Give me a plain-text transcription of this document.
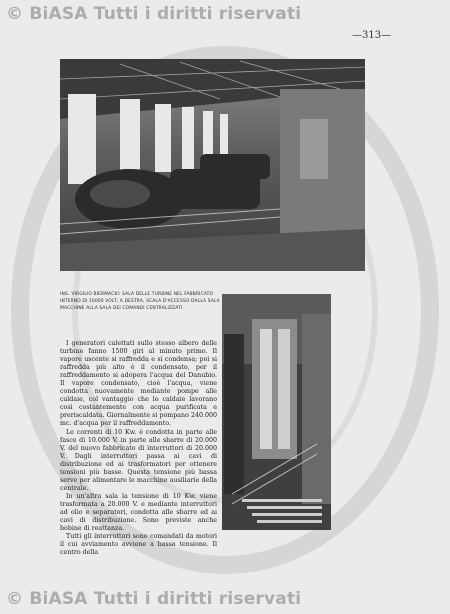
© BiASA Tutti i diritti riservati
© BiASA Tutti i diritti riservati
—313—
ING. VIRGILIO BIERMACKI: SALA DELLE TURBINE NEL FABBRICATO INTERNO DI 10000 VOLT; A DESTRA, SCALA D'ACCESSO DALLA SALA MACCHINE ALLA SALA DEI COMANDI CENTRALIZZATI

I generatori calettati sullo stesso albero delle turbine fanno 1500 giri al minuto primo. Il vapore uscente si raffredda e si condensa; poi si raffredda più alto è il condensato, per il raffreddamento si adopera l'acqua del Danubio. Il vapore condensato, cioè l'acqua, viene condotta nuovamente mediante pompe alle caldaie, col vantaggio che le caldaie lavorano così costantemente con acqua purificata e preriscaldata. Giornalmente si pompano 240.000 mc. d'acqua per il raffreddamento.

Le correnti di 10 Kw. è condotta in parte alle fasce di 10.000 V. in parte alle sbarre di 20.000 V. del nuovo fabbricato di interruttori di 20.000 V. Dagli interruttori passa ai cavi di distribuzione ed ai trasformatori per ottenere tensioni più basse. Questa tensione più bassa serve per alimentare le macchine ausiliarie della centrale.

In un'altra sala la tensione di 10 Kw. viene trasformata a 20.000 V. e mediante interruttori ad olio e separatori, condotta alle sbarre ed ai cavi di distribuzione. Sono previste anche bobine di reattanza.

Tutti gli interruttori sono comandati da motori il cui avviamento avviene a bassa tensione. Il centro della
